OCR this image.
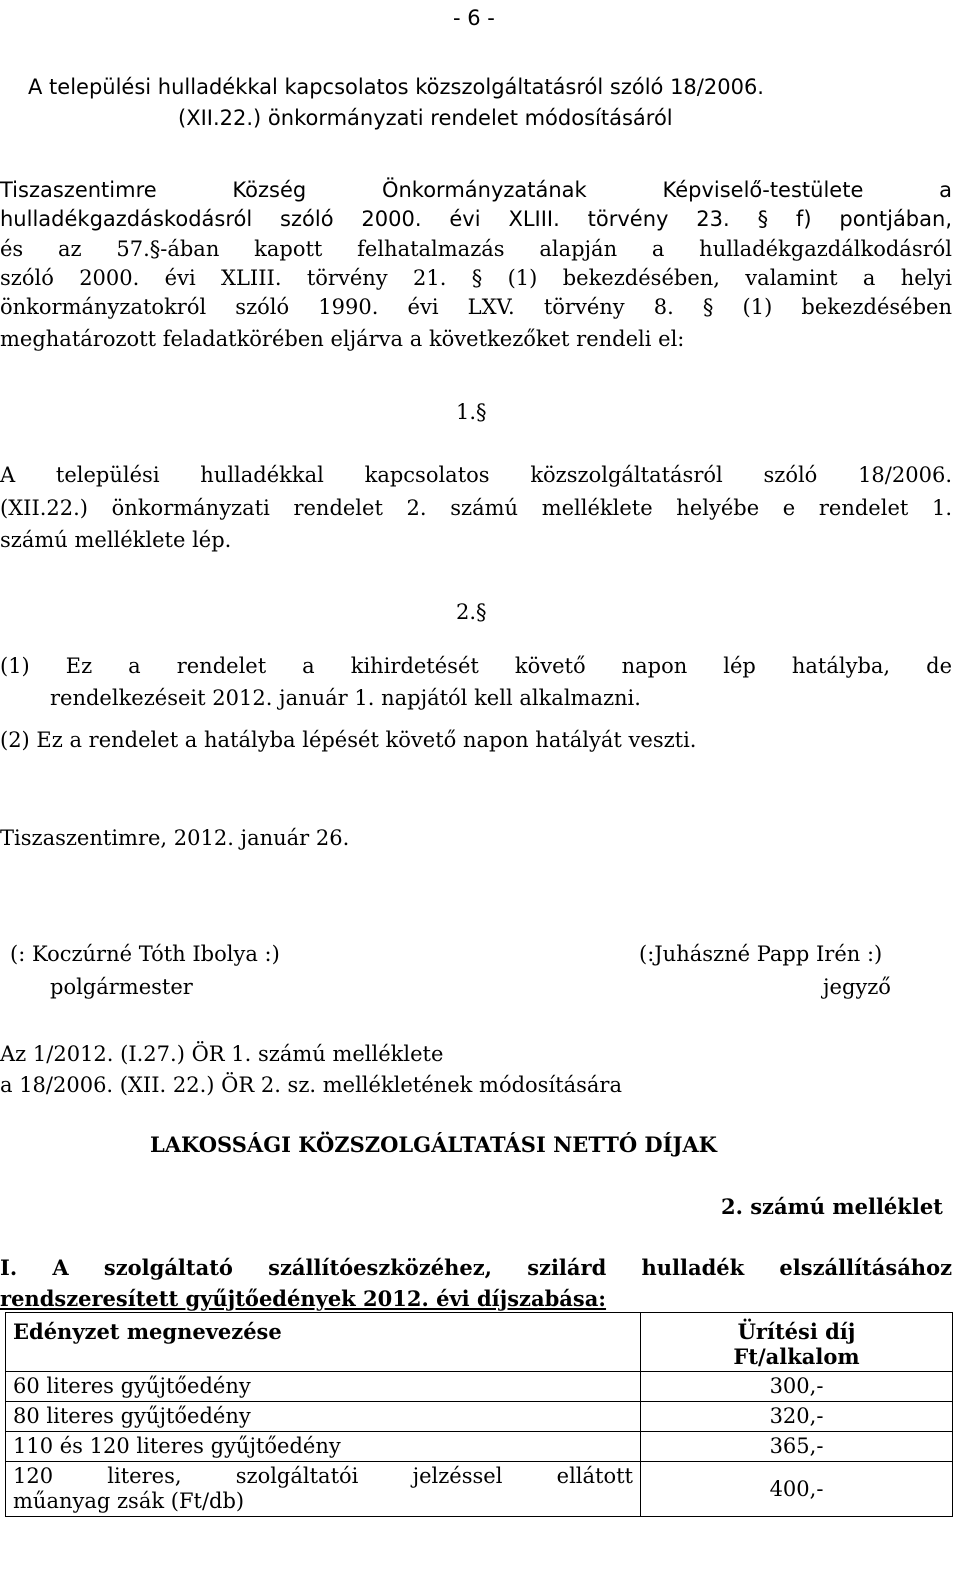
- 6 -
A települési hulladékkal kapcsolatos közszolgáltatásról szóló 18/2006.
(XII.22.) önkormányzati rendelet módosításáról
Tiszaszentimre Község Önkormányzatának Képviselő-testülete a
hulladékgazdáskodásról szóló 2000. évi XLIII. törvény 23. § f) pontjában,
és az 57.§-ában kapott felhatalmazás alapján a hulladékgazdálkodásról
szóló 2000. évi XLIII. törvény 21. § (1) bekezdésében, valamint a helyi
önkormányzatokról szóló 1990. évi LXV. törvény 8. § (1) bekezdésében
meghatározott feladatkörében eljárva a következőket rendeli el:
1.§
A települési hulladékkal kapcsolatos közszolgáltatásról szóló 18/2006.
(XII.22.) önkormányzati rendelet 2. számú melléklete helyébe e rendelet 1.
számú melléklete lép.
2.§
(1) Ez a rendelet a kihirdetését követő napon lép hatályba, de
rendelkezéseit 2012. január 1. napjától kell alkalmazni.
(2) Ez a rendelet a hatályba lépését követő napon hatályát veszti.
Tiszaszentimre, 2012. január 26.
(: Koczúrné Tóth Ibolya :)
polgármester
(:Juhászné Papp Irén :)
jegyző
Az 1/2012. (I.27.) ÖR 1. számú melléklete
a 18/2006. (XII. 22.) ÖR 2. sz. mellékletének módosítására
LAKOSSÁGI KÖZSZOLGÁLTATÁSI NETTÓ DÍJAK
2. számú melléklet
I. A szolgáltató szállítóeszközéhez, szilárd hulladék elszállításához
rendszeresített gyűjtőedények 2012. évi díjszabása:
Edényzet megnevezése	Ürítési díj
Ft/alkalom
60 literes gyűjtőedény	300,-
80 literes gyűjtőedény	320,-
110 és 120 literes gyűjtőedény	365,-

120 literes, szolgáltatói jelzéssel ellátott
műanyag zsák (Ft/db)	400,-
